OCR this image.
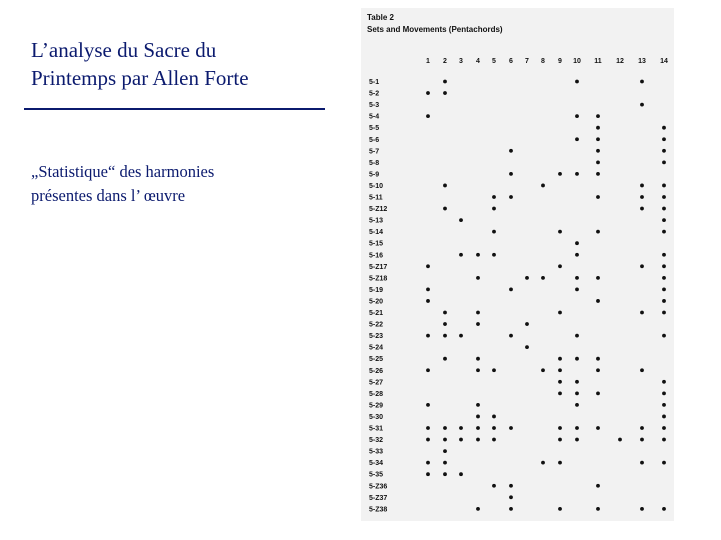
L’analyse du Sacre du
Printemps par Allen Forte
„Statistique“ des harmonies
présentes dans l’ œuvre
Table 2
Sets and Movements (Pentachords)
1 2 3 4 5 6 7 8 9 10 11 12 13 14
5-1
5-2
5-3
5-4
5-5
5-6
5-7
5-8
5-9
5-10
5-11
5-Z12
5-13
5-14
5-15
5-16
5-Z17
5-Z18
5-19
5-20
5-21
5-22
5-23
5-24
5-25
5-26
5-27
5-28
5-29
5-30
5-31
5-32
5-33
5-34
5-35
5-Z36
5-Z37
5-Z38
